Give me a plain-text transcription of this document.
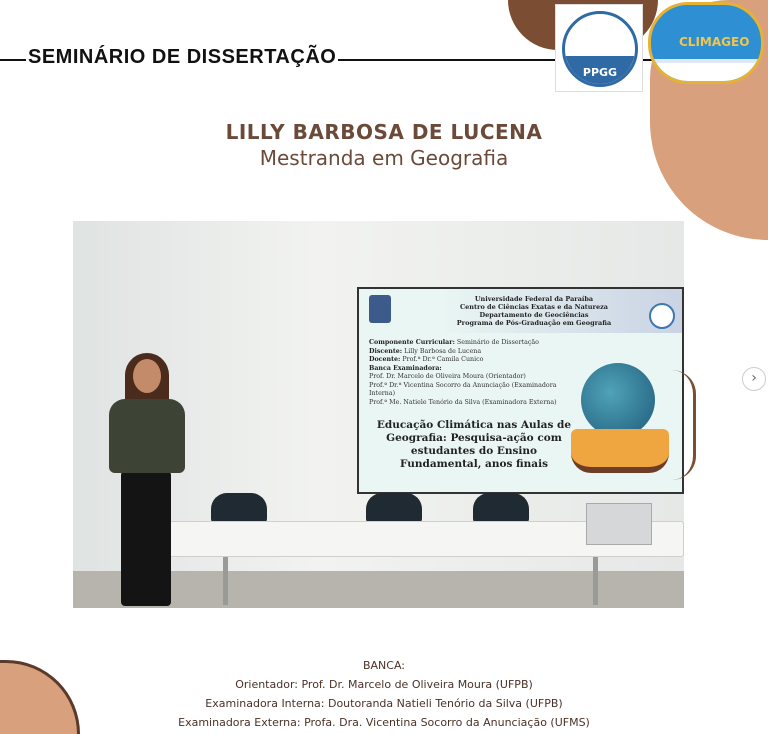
SEMINÁRIO DE DISSERTAÇÃO
PPGG
CLIMAGEO
LILLY BARBOSA DE LUCENA
Mestranda em Geografia
Universidade Federal da Paraíba
Centro de Ciências Exatas e da Natureza
Departamento de Geociências
Programa de Pós-Graduação em Geografia
Componente Curricular: Seminário de Dissertação
Discente: Lilly Barbosa de Lucena
Docente: Prof.ª Dr.ª Camila Cunico
Banca Examinadora:
Prof. Dr. Marcelo de Oliveira Moura (Orientador)
Prof.ª Dr.ª Vicentina Socorro da Anunciação (Examinadora Interna)
Prof.ª Me. Natiele Tenório da Silva (Examinadora Externa)
Educação Climática nas Aulas de Geografia: Pesquisa-ação com estudantes do Ensino Fundamental, anos finais
›
BANCA:
Orientador: Prof. Dr. Marcelo de Oliveira Moura (UFPB)
Examinadora Interna: Doutoranda Natieli Tenório da Silva (UFPB)
Examinadora Externa: Profa. Dra. Vicentina Socorro da Anunciação (UFMS)
